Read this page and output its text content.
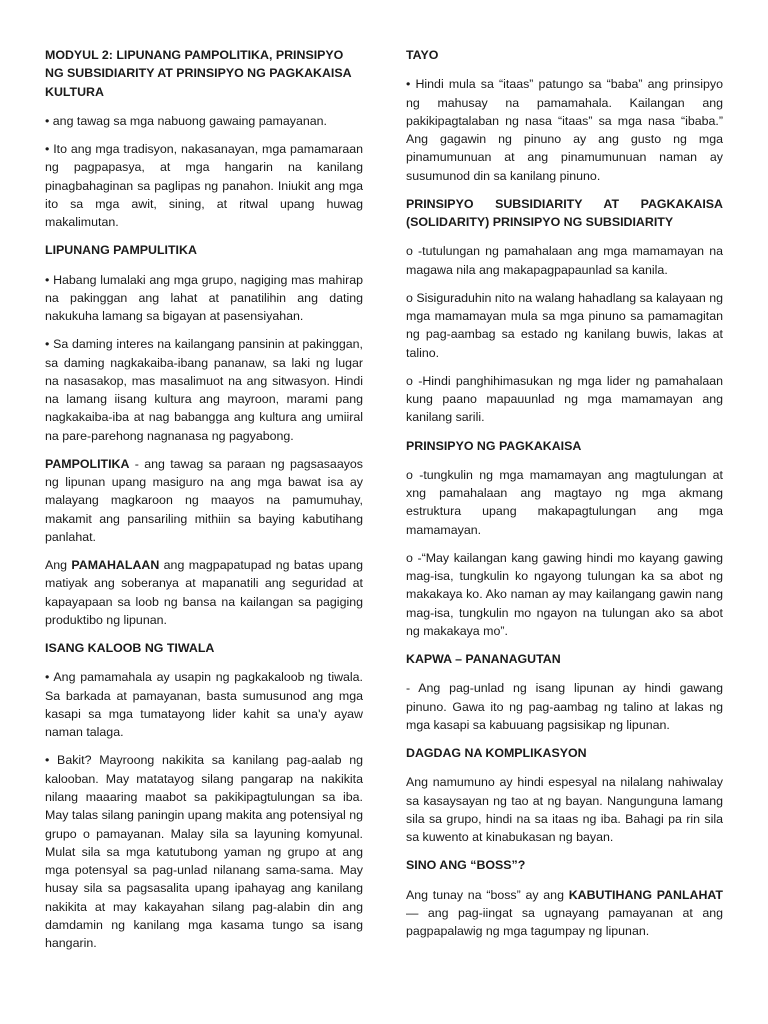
MODYUL 2: LIPUNANG PAMPOLITIKA, PRINSIPYO NG SUBSIDIARITY AT PRINSIPYO NG PAGKAKAISA KULTURA

• ang tawag sa mga nabuong gawaing pamayanan.

• Ito ang mga tradisyon, nakasanayan, mga pamamaraan ng pagpapasya, at mga hangarin na kanilang pinagbahaginan sa paglipas ng panahon. Iniukit ang mga ito sa mga awit, sining, at ritwal upang huwag makalimutan.

LIPUNANG PAMPULITIKA

• Habang lumalaki ang mga grupo, nagiging mas mahirap na pakinggan ang lahat at panatilihin ang dating nakukuha lamang sa bigayan at pasensiyahan.

• Sa daming interes na kailangang pansinin at pakinggan, sa daming nagkakaiba-ibang pananaw, sa laki ng lugar na nasasakop, mas masalimuot na ang sitwasyon. Hindi na lamang iisang kultura ang mayroon, marami pang nagkakaiba-iba at nag babangga ang kultura ang umiiral na pare-parehong nagnanasa ng pagyabong.

PAMPOLITIKA - ang tawag sa paraan ng pagsasaayos ng lipunan upang masiguro na ang mga bawat isa ay malayang magkaroon ng maayos na pamumuhay, makamit ang pansariling mithiin sa baying kabutihang panlahat.

Ang PAMAHALAAN ang magpapatupad ng batas upang matiyak ang soberanya at mapanatili ang seguridad at kapayapaan sa loob ng bansa na kailangan sa pagiging produktibo ng lipunan.

ISANG KALOOB NG TIWALA

• Ang pamamahala ay usapin ng pagkakaloob ng tiwala. Sa barkada at pamayanan, basta sumusunod ang mga kasapi sa mga tumatayong lider kahit sa una'y ayaw naman talaga.

• Bakit? Mayroong nakikita sa kanilang pag-aalab ng kalooban. May matatayog silang pangarap na nakikita nilang maaaring maabot sa pakikipagtulungan sa iba. May talas silang paningin upang makita ang potensiyal ng grupo o pamayanan. Malay sila sa layuning komyunal. Mulat sila sa mga katutubong yaman ng grupo at ang mga potensyal sa pag-unlad nilanang sama-sama. May husay sila sa pagsasalita upang ipahayag ang kanilang nakikita at may kakayahan silang pag-alabin din ang damdamin ng kanilang mga kasama tungo sa isang hangarin.

TAYO

• Hindi mula sa “itaas” patungo sa “baba” ang prinsipyo ng mahusay na pamamahala. Kailangan ang pakikipagtalaban ng nasa “itaas” sa mga nasa “ibaba.” Ang gagawin ng pinuno ay ang gusto ng mga pinamumunuan at ang pinamumunuan naman ay susumunod din sa kanilang pinuno.

PRINSIPYO SUBSIDIARITY AT PAGKAKAISA (SOLIDARITY) PRINSIPYO NG SUBSIDIARITY

o -tutulungan ng pamahalaan ang mga mamamayan na magawa nila ang makapagpapaunlad sa kanila.

o Sisiguraduhin nito na walang hahadlang sa kalayaan ng mga mamamayan mula sa mga pinuno sa pamamagitan ng pag-aambag sa estado ng kanilang buwis, lakas at talino.

o -Hindi panghihimasukan ng mga lider ng pamahalaan kung paano mapauunlad ng mga mamamayan ang kanilang sarili.

PRINSIPYO NG PAGKAKAISA

o -tungkulin ng mga mamamayan ang magtulungan at xng pamahalaan ang magtayo ng mga akmang estruktura upang makapagtulungan ang mga mamamayan.

o -“May kailangan kang gawing hindi mo kayang gawing mag-isa, tungkulin ko ngayong tulungan ka sa abot ng makakaya ko. Ako naman ay may kailangang gawin nang mag-isa, tungkulin mo ngayon na tulungan ako sa abot ng makakaya mo”.

KAPWA – PANANAGUTAN

- Ang pag-unlad ng isang lipunan ay hindi gawang pinuno. Gawa ito ng pag-aambag ng talino at lakas ng mga kasapi sa kabuuang pagsisikap ng lipunan.

DAGDAG NA KOMPLIKASYON

Ang namumuno ay hindi espesyal na nilalang nahiwalay sa kasaysayan ng tao at ng bayan. Nangunguna lamang sila sa grupo, hindi na sa itaas ng iba. Bahagi pa rin sila sa kuwento at kinabukasan ng bayan.

SINO ANG “BOSS”?

Ang tunay na “boss” ay ang KABUTIHANG PANLAHAT— ang pag-iingat sa ugnayang pamayanan at ang pagpapalawig ng mga tagumpay ng lipunan.
